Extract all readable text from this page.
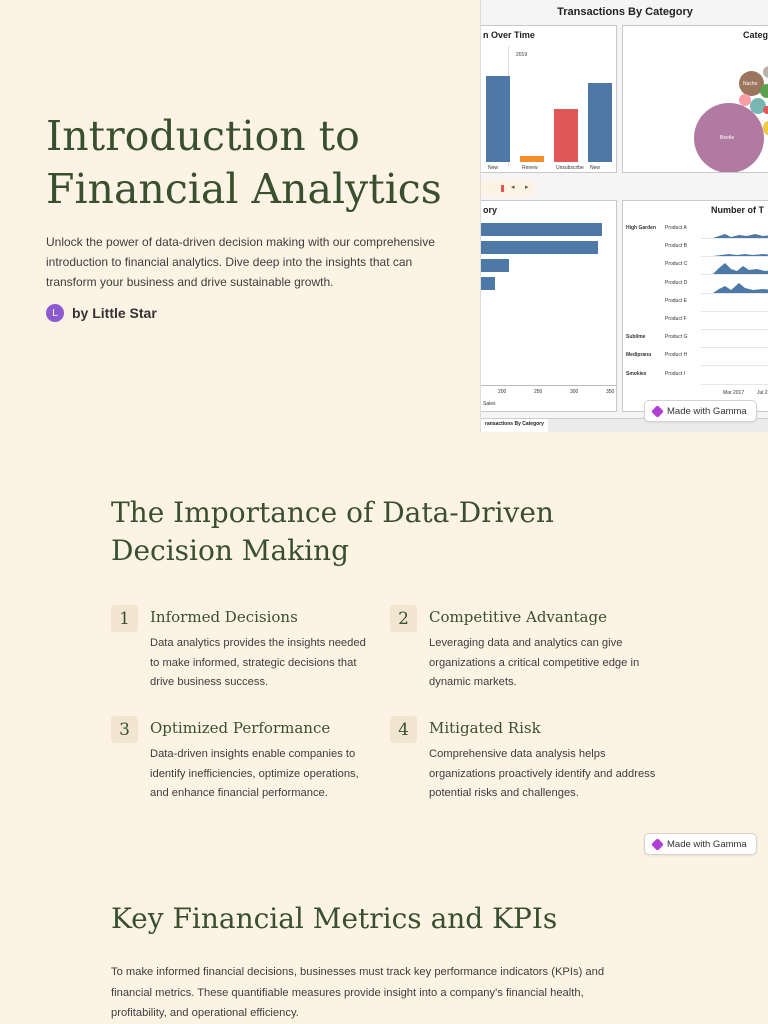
Introduction to Financial Analytics

Unlock the power of data-driven decision making with our comprehensive introduction to financial analytics. Dive deep into the insights that can transform your business and drive sustainable growth.

L	by Little Star
Transactions By Category
n Over Time
2019
New	Renew	Unsubscribe New
◂ ▸
Categ
Beetle
Nacho
ory
200	250	300	350
Sales
Number of T
High Garden Product A
Product B
Product C
Product D
Product E
Product F
Sublime	Product G
Medipranu	Product H
Smokiex	Product I
Mar 2017	Jul 2
ransactions By Category
Made with Gamma
The Importance of Data-Driven Decision Making
1	Informed Decisions
Data analytics provides the insights needed to make informed, strategic decisions that drive business success.
2	Competitive Advantage
Leveraging data and analytics can give organizations a critical competitive edge in dynamic markets.
3	Optimized Performance
Data-driven insights enable companies to identify inefficiencies, optimize operations, and enhance financial performance.
4	Mitigated Risk
Comprehensive data analysis helps organizations proactively identify and address potential risks and challenges.
Made with Gamma
Key Financial Metrics and KPIs

To make informed financial decisions, businesses must track key performance indicators (KPIs) and financial metrics. These quantifiable measures provide insight into a company's financial health, profitability, and operational efficiency.
